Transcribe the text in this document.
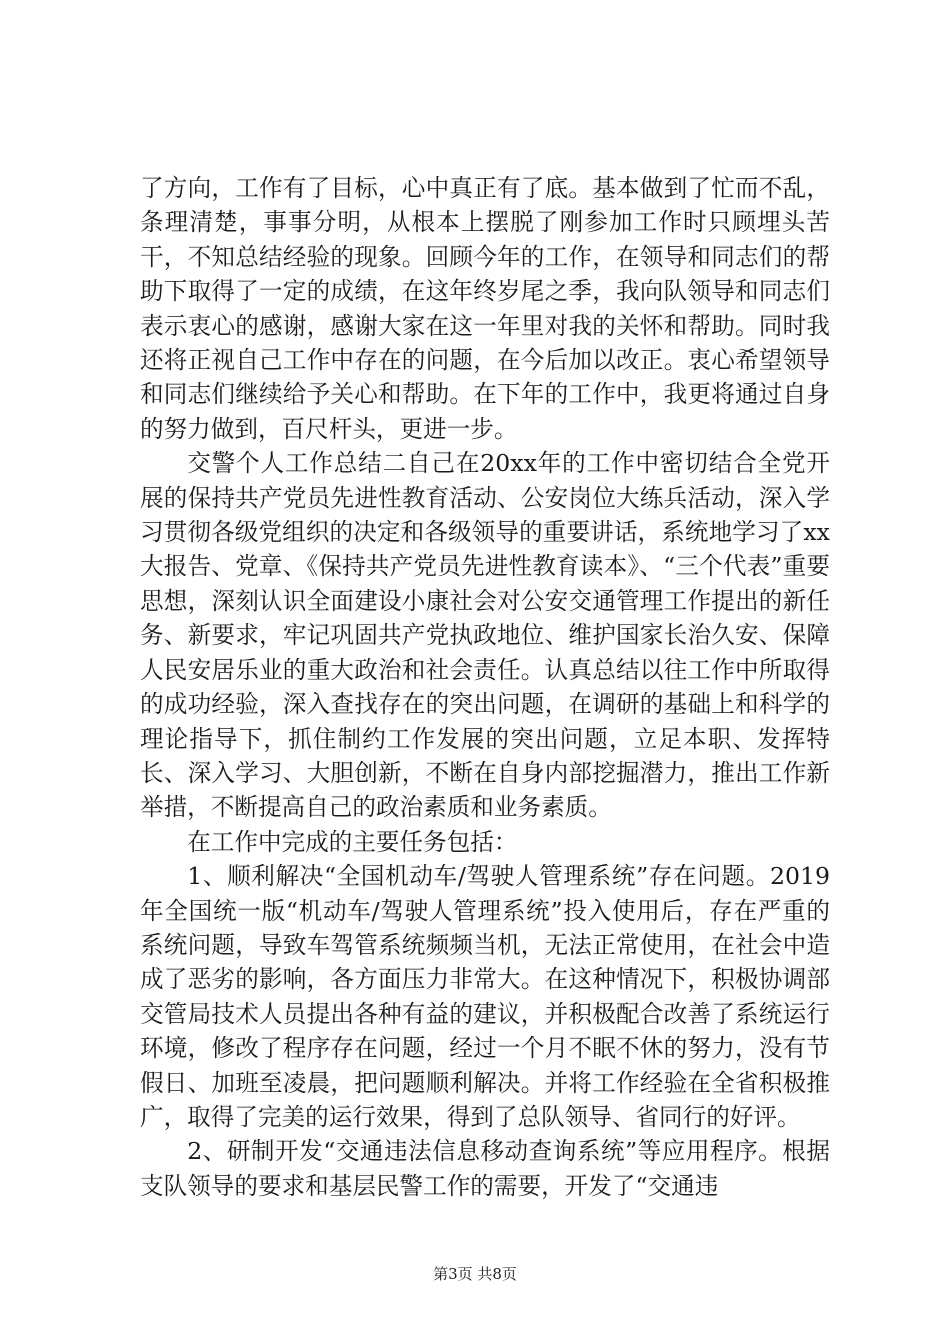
了方向，工作有了目标，心中真正有了底。基本做到了忙而不乱，条理清楚，事事分明，从根本上摆脱了刚参加工作时只顾埋头苦干，不知总结经验的现象。回顾今年的工作，在领导和同志们的帮助下取得了一定的成绩，在这年终岁尾之季，我向队领导和同志们表示衷心的感谢，感谢大家在这一年里对我的关怀和帮助。同时我还将正视自己工作中存在的问题，在今后加以改正。衷心希望领导和同志们继续给予关心和帮助。在下年的工作中，我更将通过自身的努力做到，百尺杆头，更进一步。

交警个人工作总结二自己在20xx年的工作中密切结合全党开展的保持共产党员先进性教育活动、公安岗位大练兵活动，深入学习贯彻各级党组织的决定和各级领导的重要讲话，系统地学习了xx大报告、党章、《保持共产党员先进性教育读本》、“三个代表”重要思想，深刻认识全面建设小康社会对公安交通管理工作提出的新任务、新要求，牢记巩固共产党执政地位、维护国家长治久安、保障人民安居乐业的重大政治和社会责任。认真总结以往工作中所取得的成功经验，深入查找存在的突出问题，在调研的基础上和科学的理论指导下，抓住制约工作发展的突出问题，立足本职、发挥特长、深入学习、大胆创新，不断在自身内部挖掘潜力，推出工作新举措，不断提高自己的政治素质和业务素质。

在工作中完成的主要任务包括：

1、顺利解决“全国机动车/驾驶人管理系统”存在问题。2019年全国统一版“机动车/驾驶人管理系统”投入使用后，存在严重的系统问题，导致车驾管系统频频当机，无法正常使用，在社会中造成了恶劣的影响，各方面压力非常大。在这种情况下，积极协调部交管局技术人员提出各种有益的建议，并积极配合改善了系统运行环境，修改了程序存在问题，经过一个月不眠不休的努力，没有节假日、加班至凌晨，把问题顺利解决。并将工作经验在全省积极推广，取得了完美的运行效果，得到了总队领导、省同行的好评。

2、研制开发“交通违法信息移动查询系统”等应用程序。根据支队领导的要求和基层民警工作的需要，开发了“交通违

第3页 共8页
